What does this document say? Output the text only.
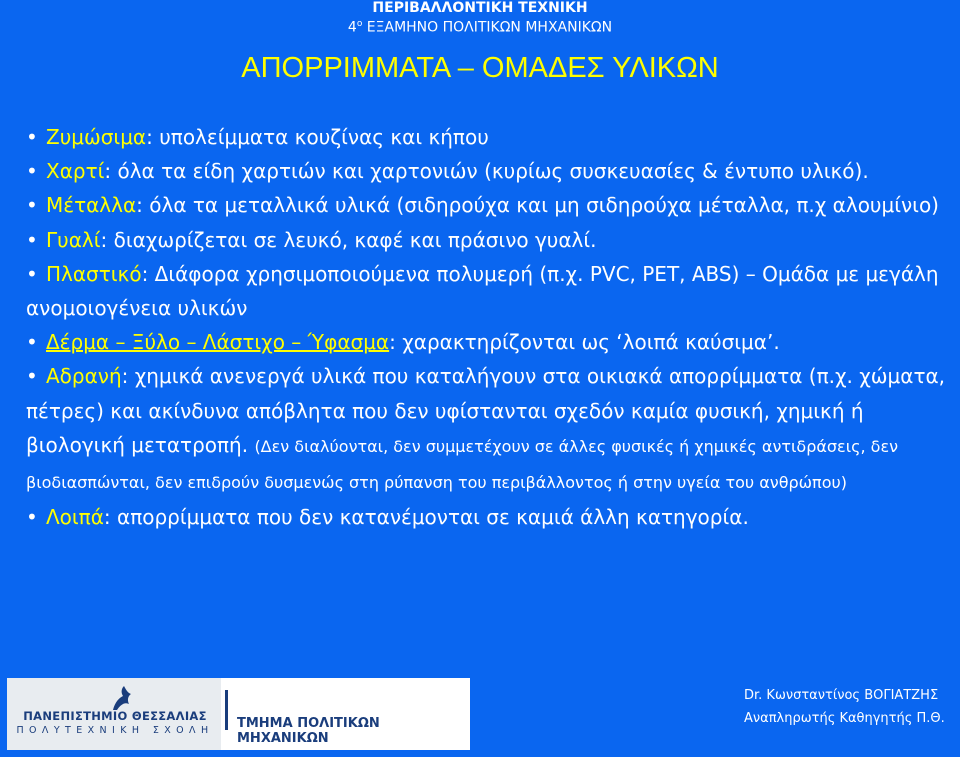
ΠΕΡΙΒΑΛΛΟΝΤΙΚΗ ΤΕΧΝΙΚΗ
$4^o$ ΕΞΑΜΗΝΟ ΠΟΛΙΤΙΚΩΝ ΜΗΧΑΝΙΚΩΝ
ΑΠΟΡΡΙΜΜΑΤΑ – ΟΜΑΔΕΣ ΥΛΙΚΩΝ

• Ζυμώσιμα: υπολείμματα κουζίνας και κήπου

• Χαρτί: όλα τα είδη χαρτιών και χαρτονιών (κυρίως συσκευασίες & έντυπο υλικό).

• Μέταλλα: όλα τα μεταλλικά υλικά (σιδηρούχα και μη σιδηρούχα μέταλλα, π.χ αλουμίνιο)

• Γυαλί: διαχωρίζεται σε λευκό, καφέ και πράσινο γυαλί.

• Πλαστικό: Διάφορα χρησιμοποιούμενα πολυμερή (π.χ. PVC, PET, ABS) – Ομάδα με μεγάλη ανομοιογένεια υλικών

• Δέρμα – Ξύλο – Λάστιχο – Ύφασμα: χαρακτηρίζονται ως ‘λοιπά καύσιμα’.

• Αδρανή: χημικά ανενεργά υλικά που καταλήγουν στα οικιακά απορρίμματα (π.χ. χώματα, πέτρες) και ακίνδυνα απόβλητα που δεν υφίστανται σχεδόν καμία φυσική, χημική ή βιολογική μετατροπή. (Δεν διαλύονται, δεν συμμετέχουν σε άλλες φυσικές ή χημικές αντιδράσεις, δεν βιοδιασπώνται, δεν επιδρούν δυσμενώς στη ρύπανση του περιβάλλοντος ή στην υγεία του ανθρώπου)

• Λοιπά: απορρίμματα που δεν κατανέμονται σε καμιά άλλη κατηγορία.

ΠΑΝΕΠΙΣΤΗΜΙΟ ΘΕΣΣΑΛΙΑΣ
ΠΟΛΥΤΕΧΝΙΚΗ ΣΧΟΛΗ ΤΜΗΜΑ ΠΟΛΙΤΙΚΩΝ ΜΗΧΑΝΙΚΩΝ
Dr. Κωνσταντίνος ΒΟΓΙΑΤΖΗΣ
Αναπληρωτής Καθηγητής Π.Θ.
